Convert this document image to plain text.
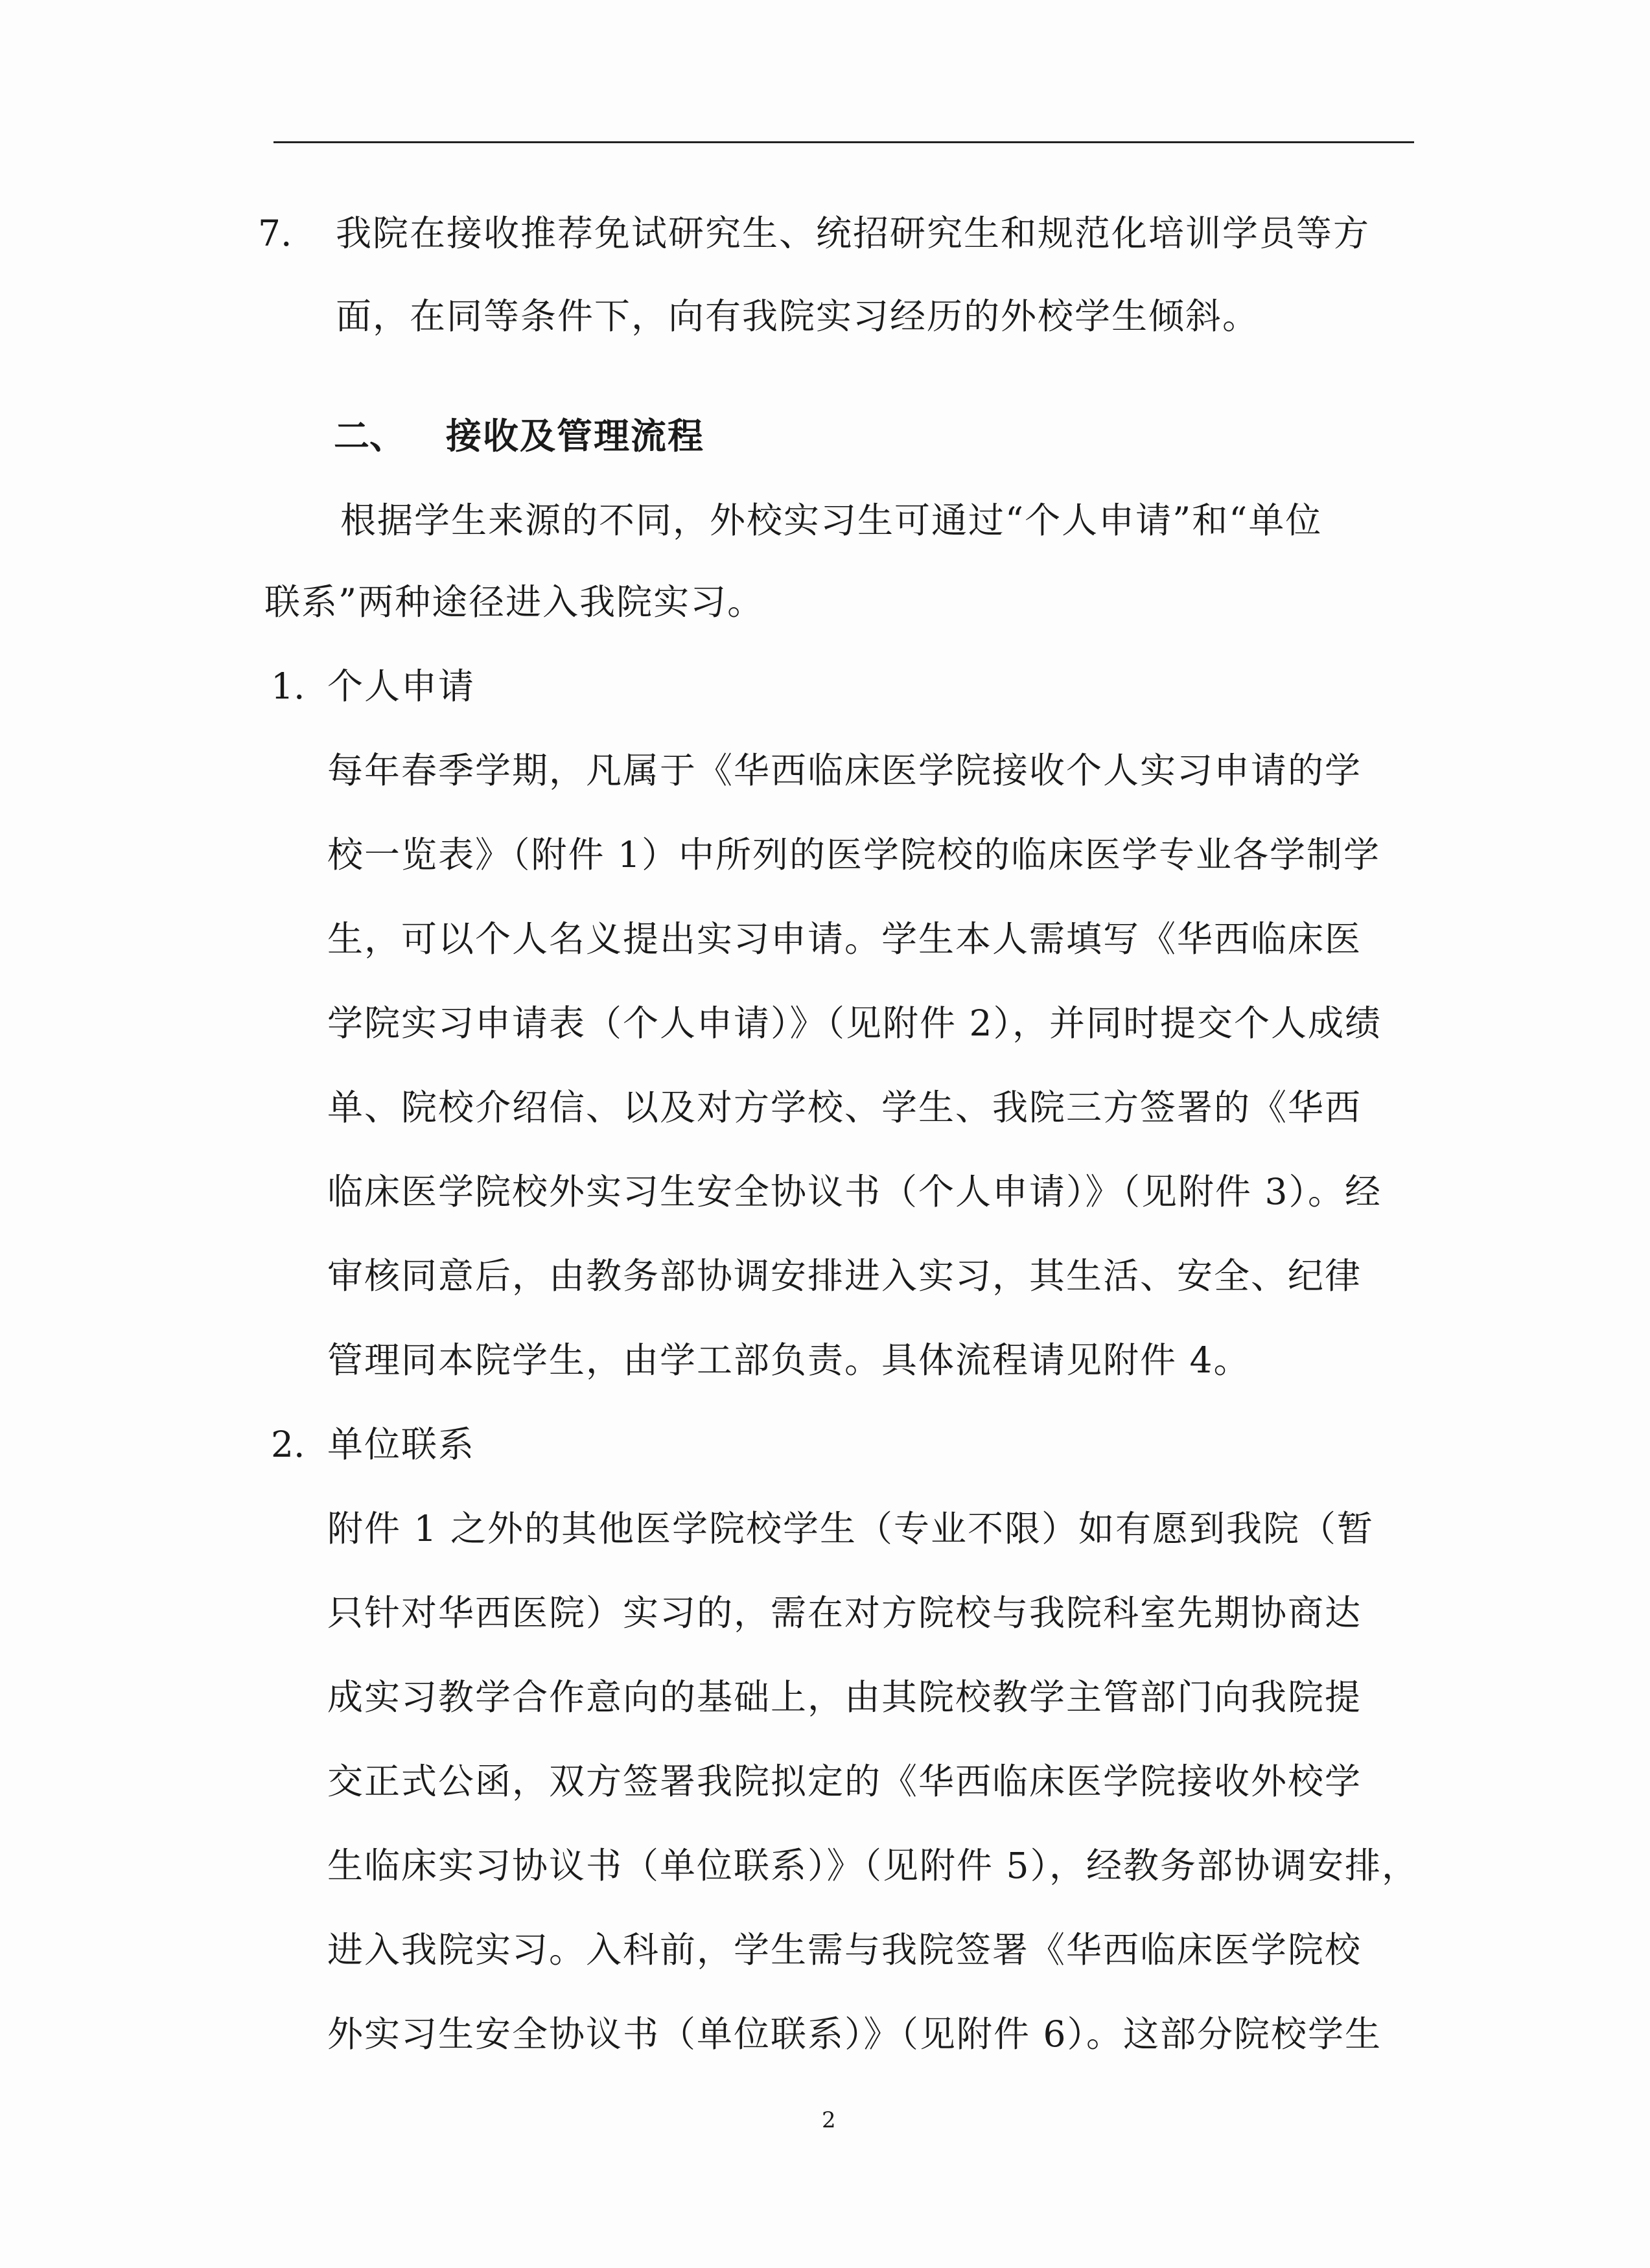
7. 我院在接收推荐免试研究生、统招研究生和规范化培训学员等方
面，在同等条件下，向有我院实习经历的外校学生倾斜。
二、 接收及管理流程
根据学生来源的不同，外校实习生可通过“个人申请”和“单位
联系”两种途径进入我院实习。
1. 个人申请
每年春季学期，凡属于《华西临床医学院接收个人实习申请的学
校一览表》（附件 1）中所列的医学院校的临床医学专业各学制学
生，可以个人名义提出实习申请。学生本人需填写《华西临床医
学院实习申请表（个人申请）》（见附件 2），并同时提交个人成绩
单、院校介绍信、以及对方学校、学生、我院三方签署的《华西
临床医学院校外实习生安全协议书（个人申请）》（见附件 3）。经
审核同意后，由教务部协调安排进入实习，其生活、安全、纪律
管理同本院学生，由学工部负责。具体流程请见附件 4。
2. 单位联系
附件 1 之外的其他医学院校学生（专业不限）如有愿到我院（暂
只针对华西医院）实习的，需在对方院校与我院科室先期协商达
成实习教学合作意向的基础上，由其院校教学主管部门向我院提
交正式公函，双方签署我院拟定的《华西临床医学院接收外校学
生临床实习协议书（单位联系）》（见附件 5），经教务部协调安排，
进入我院实习。入科前，学生需与我院签署《华西临床医学院校
外实习生安全协议书（单位联系）》（见附件 6）。这部分院校学生
2
